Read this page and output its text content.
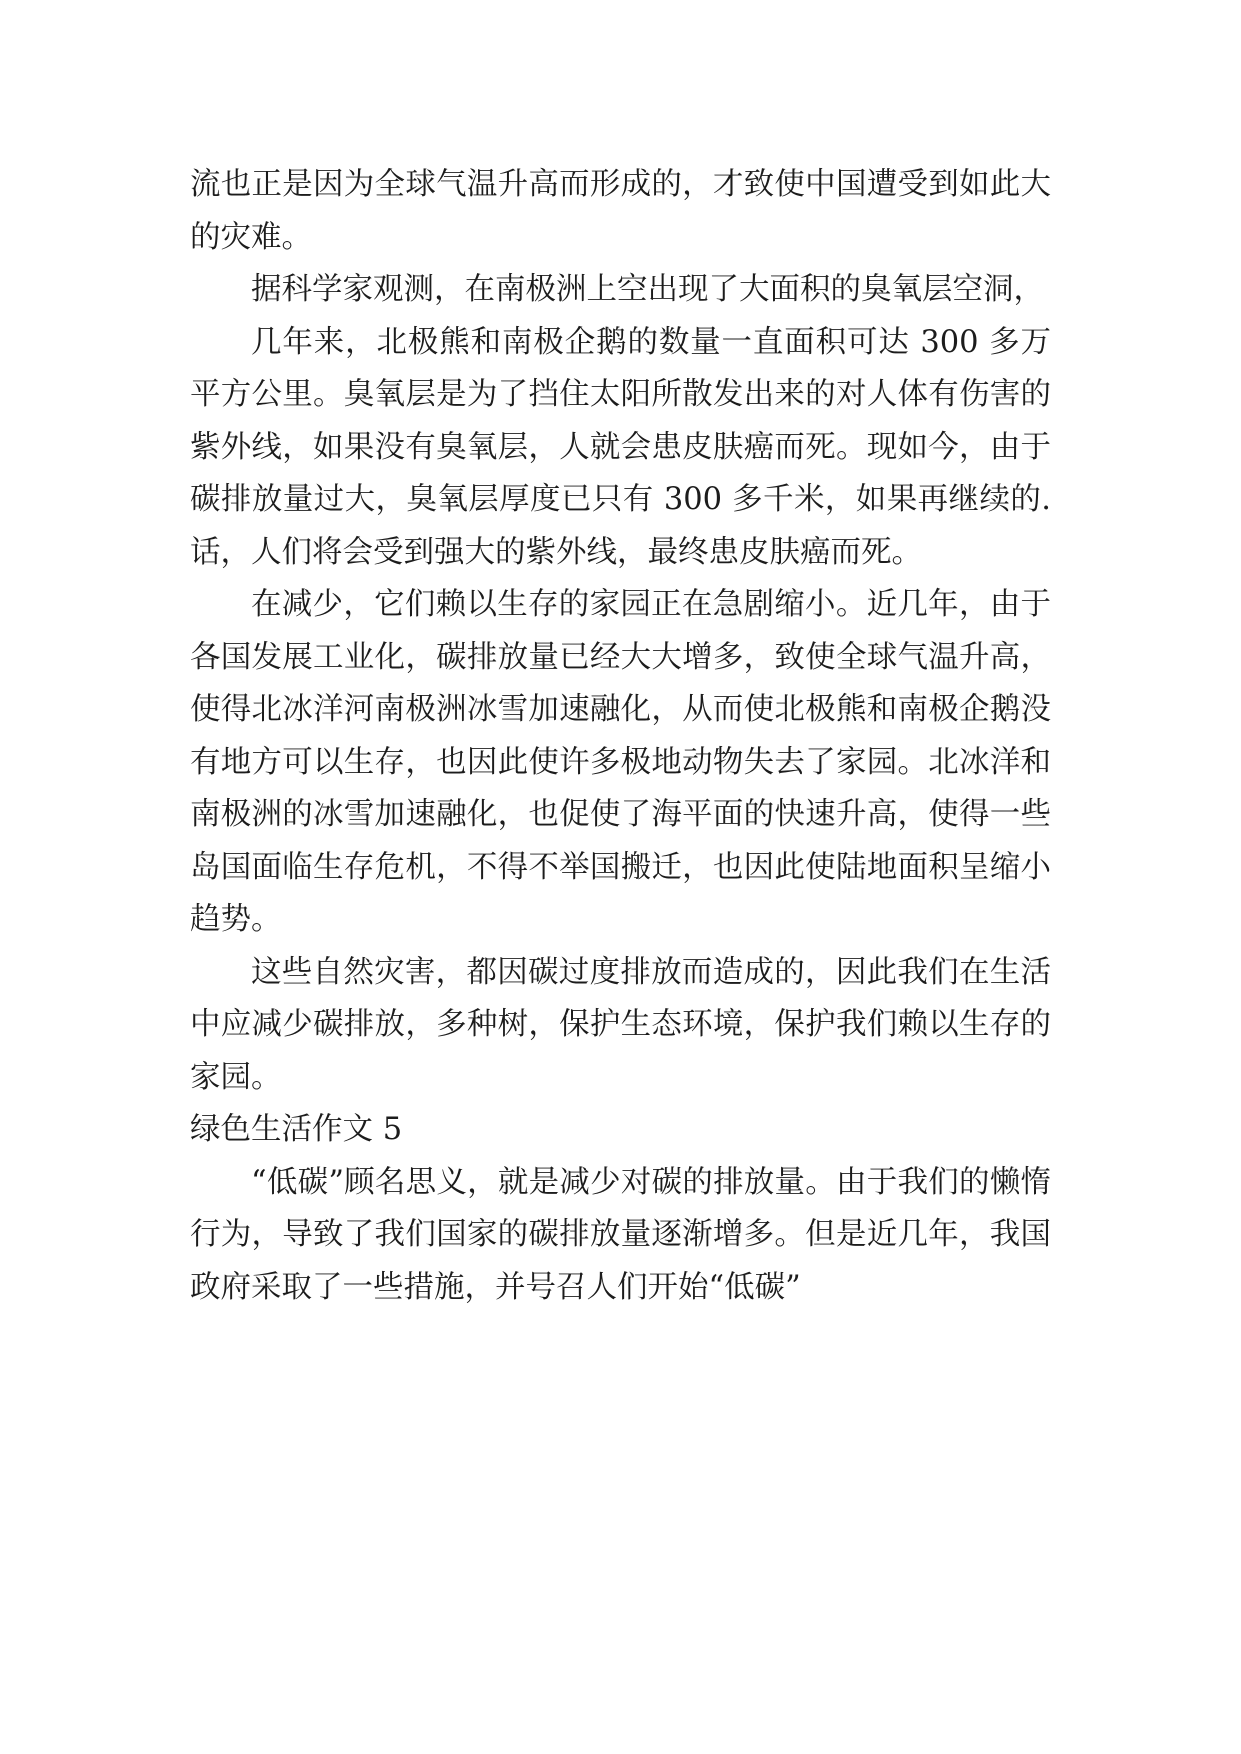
流也正是因为全球气温升高而形成的，才致使中国遭受到如此大的灾难。

据科学家观测，在南极洲上空出现了大面积的臭氧层空洞，

几年来，北极熊和南极企鹅的数量一直面积可达 300 多万平方公里。臭氧层是为了挡住太阳所散发出来的对人体有伤害的紫外线，如果没有臭氧层，人就会患皮肤癌而死。现如今，由于碳排放量过大，臭氧层厚度已只有 300 多千米，如果再继续的.话，人们将会受到强大的紫外线，最终患皮肤癌而死。

在减少，它们赖以生存的家园正在急剧缩小。近几年，由于各国发展工业化，碳排放量已经大大增多，致使全球气温升高，使得北冰洋河南极洲冰雪加速融化，从而使北极熊和南极企鹅没有地方可以生存，也因此使许多极地动物失去了家园。北冰洋和南极洲的冰雪加速融化，也促使了海平面的快速升高，使得一些岛国面临生存危机，不得不举国搬迁，也因此使陆地面积呈缩小趋势。

这些自然灾害，都因碳过度排放而造成的，因此我们在生活中应减少碳排放，多种树，保护生态环境，保护我们赖以生存的家园。

绿色生活作文 5

“低碳”顾名思义，就是减少对碳的排放量。由于我们的懒惰行为，导致了我们国家的碳排放量逐渐增多。但是近几年，我国政府采取了一些措施，并号召人们开始“低碳”
